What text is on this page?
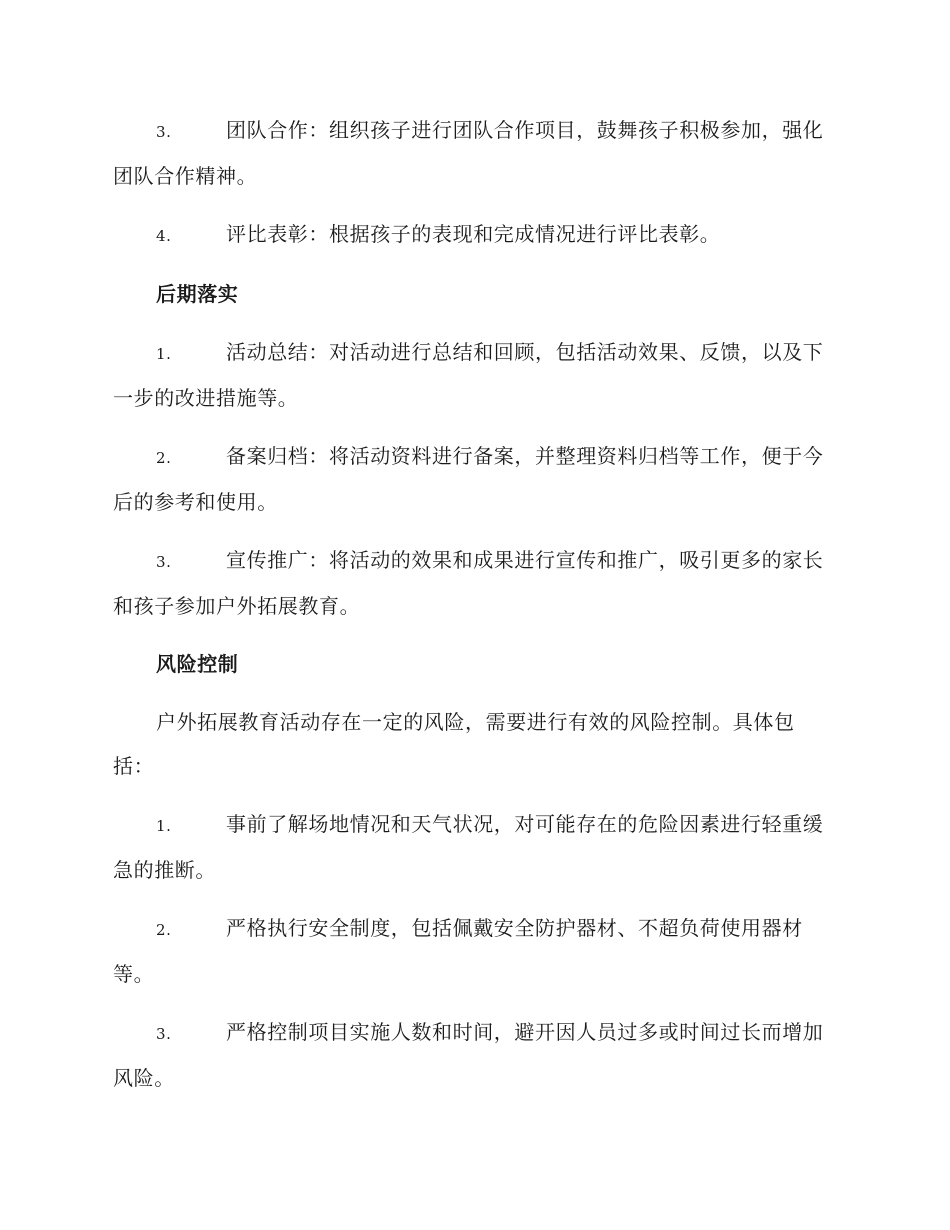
3.	团队合作：组织孩子进行团队合作项目，鼓舞孩子积极参加，强化团队合作精神。

4.	评比表彰：根据孩子的表现和完成情况进行评比表彰。

后期落实

1.	活动总结：对活动进行总结和回顾，包括活动效果、反馈，以及下一步的改进措施等。

2.	备案归档：将活动资料进行备案，并整理资料归档等工作，便于今后的参考和使用。

3.	宣传推广：将活动的效果和成果进行宣传和推广，吸引更多的家长和孩子参加户外拓展教育。

风险控制

户外拓展教育活动存在一定的风险，需要进行有效的风险控制。具体包括：

1.	事前了解场地情况和天气状况，对可能存在的危险因素进行轻重缓急的推断。

2.	严格执行安全制度，包括佩戴安全防护器材、不超负荷使用器材等。

3.	严格控制项目实施人数和时间，避开因人员过多或时间过长而增加风险。
